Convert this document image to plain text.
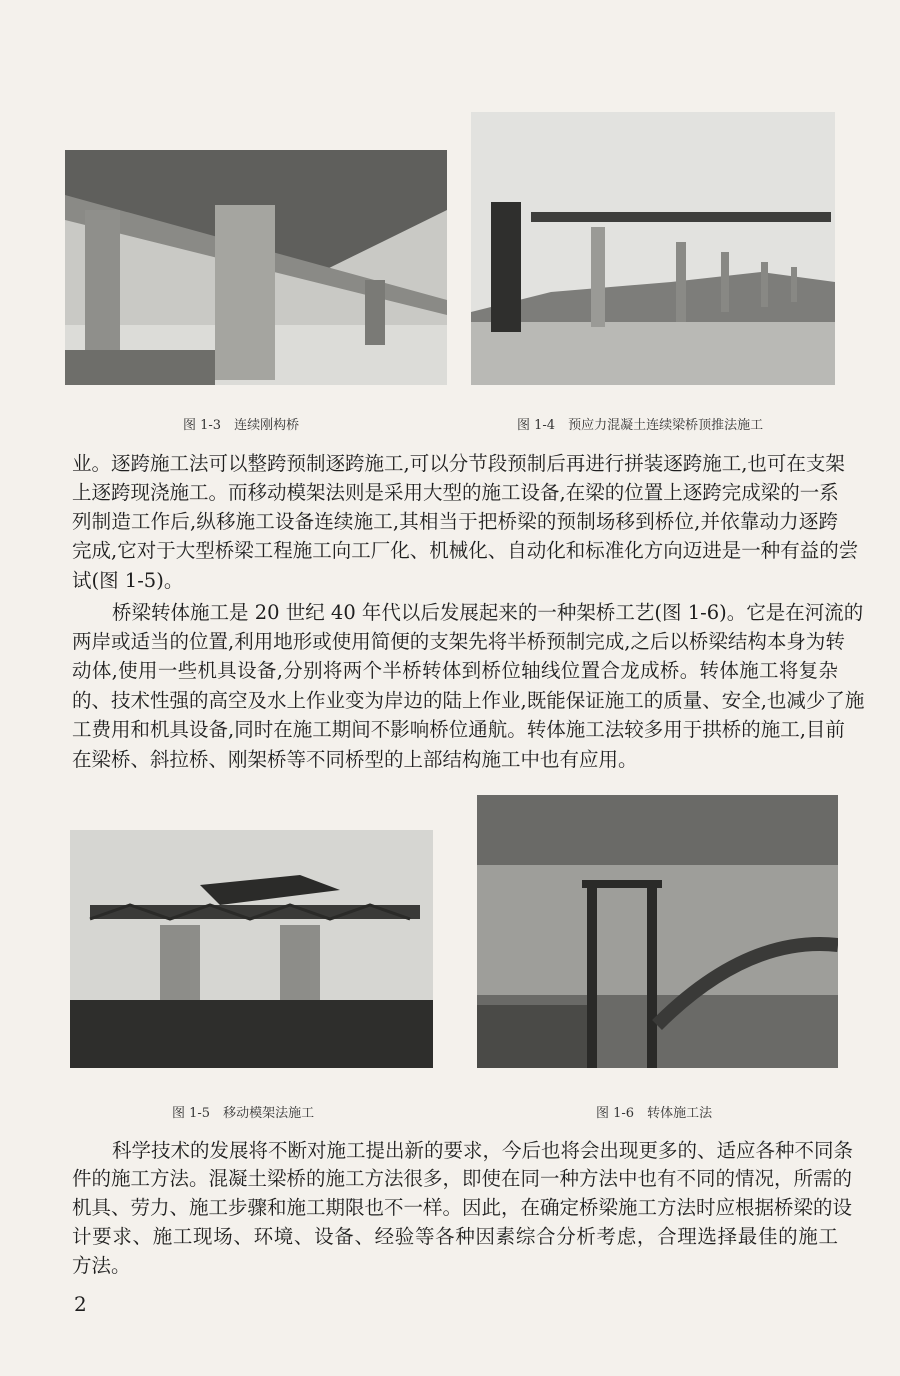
图 1-3　连续刚构桥	图 1-4　预应力混凝土连续梁桥顶推法施工
业。逐跨施工法可以整跨预制逐跨施工,可以分节段预制后再进行拼装逐跨施工,也可在支架
上逐跨现浇施工。而移动模架法则是采用大型的施工设备,在梁的位置上逐跨完成梁的一系
列制造工作后,纵移施工设备连续施工,其相当于把桥梁的预制场移到桥位,并依靠动力逐跨
完成,它对于大型桥梁工程施工向工厂化、机械化、自动化和标准化方向迈进是一种有益的尝
试(图 1-5)。
桥梁转体施工是 20 世纪 40 年代以后发展起来的一种架桥工艺(图 1-6)。它是在河流的
两岸或适当的位置,利用地形或使用简便的支架先将半桥预制完成,之后以桥梁结构本身为转
动体,使用一些机具设备,分别将两个半桥转体到桥位轴线位置合龙成桥。转体施工将复杂
的、技术性强的高空及水上作业变为岸边的陆上作业,既能保证施工的质量、安全,也减少了施
工费用和机具设备,同时在施工期间不影响桥位通航。转体施工法较多用于拱桥的施工,目前
在梁桥、斜拉桥、刚架桥等不同桥型的上部结构施工中也有应用。
图 1-5　移动模架法施工	图 1-6　转体施工法
科学技术的发展将不断对施工提出新的要求，今后也将会出现更多的、适应各种不同条
件的施工方法。混凝土梁桥的施工方法很多，即使在同一种方法中也有不同的情况，所需的
机具、劳力、施工步骤和施工期限也不一样。因此，在确定桥梁施工方法时应根据桥梁的设
计要求、施工现场、环境、设备、经验等各种因素综合分析考虑，合理选择最佳的施工
方法。
2
